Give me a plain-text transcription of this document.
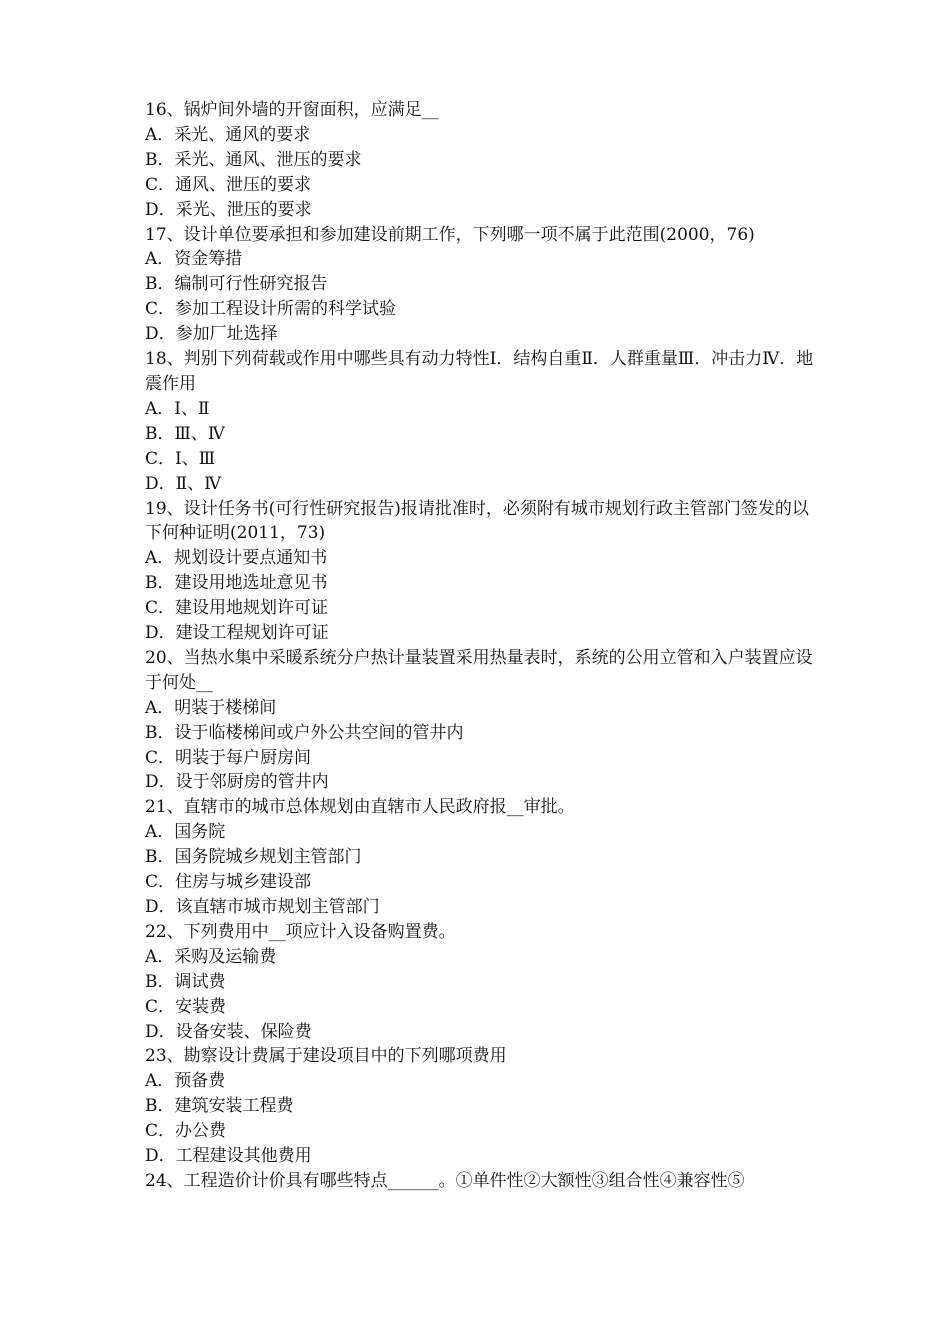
16、锅炉间外墙的开窗面积，应满足__
A．采光、通风的要求
B．采光、通风、泄压的要求
C．通风、泄压的要求
D．采光、泄压的要求
17、设计单位要承担和参加建设前期工作，下列哪一项不属于此范围(2000，76)
A．资金筹措
B．编制可行性研究报告
C．参加工程设计所需的科学试验
D．参加厂址选择
18、判别下列荷载或作用中哪些具有动力特性Ⅰ．结构自重Ⅱ．人群重量Ⅲ．冲击力Ⅳ．地震作用
A．Ⅰ、Ⅱ
B．Ⅲ、Ⅳ
C．Ⅰ、Ⅲ
D．Ⅱ、Ⅳ
19、设计任务书(可行性研究报告)报请批准时，必须附有城市规划行政主管部门签发的以下何种证明(2011，73)
A．规划设计要点通知书
B．建设用地选址意见书
C．建设用地规划许可证
D．建设工程规划许可证
20、当热水集中采暖系统分户热计量装置采用热量表时，系统的公用立管和入户装置应设于何处__
A．明装于楼梯间
B．设于临楼梯间或户外公共空间的管井内
C．明装于每户厨房间
D．设于邻厨房的管井内
21、直辖市的城市总体规划由直辖市人民政府报__审批。
A．国务院
B．国务院城乡规划主管部门
C．住房与城乡建设部
D．该直辖市城市规划主管部门
22、下列费用中__项应计入设备购置费。
A．采购及运输费
B．调试费
C．安装费
D．设备安装、保险费
23、勘察设计费属于建设项目中的下列哪项费用
A．预备费
B．建筑安装工程费
C．办公费
D．工程建设其他费用
24、工程造价计价具有哪些特点______。①单件性②大额性③组合性④兼容性⑤
